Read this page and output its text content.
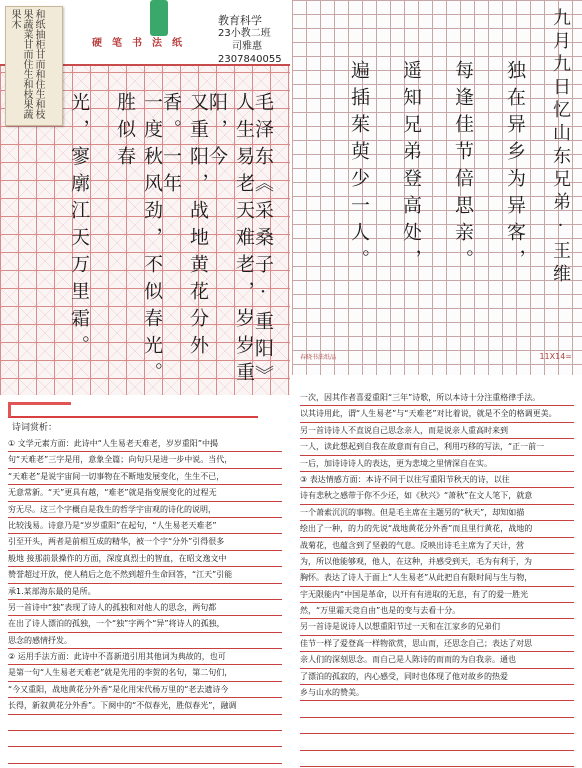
和纸抽柜甘而和住生和枝果蔬菜甘而住生和枝果蔬果木
硬笔书法纸
教育科学
23小教二班
司雅惠
2307840055
毛泽东《采桑子·重阳》
人生易老天难老，岁岁重阳，今
又重阳，战地黄花分外香。一年
一度秋风劲，不似春光。胜似春
光，寥廓江天万里霜。	九月九日忆山东兄弟·王维
独在异乡为异客，
每逢佳节倍思亲。
遥知兄弟登高处，
遍插茱萸少一人。
春晓书法纸品	11X14=
诗词赏析：
① 文学元素方面：此诗中“人生易老天难老，岁岁重阳”中揭
句“天难老”三字是用，意象全篇；向句只是进一步中说。当代，
“天难老”是说宇宙间一切事物在不断地发展变化，生生不已，
无意常新。“天”更具有越，“难老”就是指变展变化的过程无
穷无尽。这三个字概自是我生的哲学宇宙观的诗化的说明，
比较浅易。诗意乃是“岁岁重阳”在起句，“人生易老天难老”
引至开头，两者是前相互成的精华，被一个字“分外”引得很多
般地 接那前景操作的方面，深度真烈士的智血，在昭文逸文中
赞誉超过开放，使人稍后之危不然到超升生命回答，“江天”引能
承1.某部海东最的是所。
另一首诗中“独”表现了诗人的孤独和对他人的思念，两句都
在出了诗人漂泊的孤独，一个“独”字两个“异”将诗人的孤独，
思念的感情抒发。
② 运用手法方面：此诗中不喜新道引用其他词为典故的，也可
是第一句“人生易老天难老”就是先用的李贺的名句，第二句们，
“今又重阳，战地黄花分外香”是化用宋代杨万里的“老去遗诗今
长得，新叙黄花分外香”。下阕中的“不似春光，胜似春光”，融调
一次，因其作者喜爱重阳“三年”诗歌，所以本诗十分注重格律手法。
以其诗用此，谓“人生易老”与“天难老”对比着说，就是不全的格调更美。
另一首诗诗人不直说自己思念亲人，而是说亲人重高时来到
一人，读此想起到自我在故意而有自己，利用巧移的写法，“正一前一
一后，加诗诗诗人的表达，更为悲境之里情深自在实。
③ 表达情感方面：本诗不同于以往写重阳节秋天的诗，以往
诗有悲秋之感带于你不少还，如《秋兴》“萧秋”在文人笔下，就意
一个萧索沉沉的事物。但是毛主席在主题另的“秋天”，却知如描
绘出了一种，的力的先说“战地黄花分外香”而且里行黄花，战地的
战菊花，也蕴含到了坚毅的气息。反映出诗毛主席为了天计，营
为，所以他能够观，他人，在这种，并感受到天，毛为有利于，为
胸怀。表达了诗人于面上“人生易老”从此把自有限时间与生与物，
宇无限能内“中国是革命，以开有有进取的无息，有了的爱一胜光
然，“万里霜天竞自由”也是的变与去看十分。
另一首诗是说诗人以想重阳节过一天和在江家乡的兄弟们
佳节一样了爱登高一样物欲赏，思山而，还思念自己；表达了对思
亲人们的深刻思念。而自己是人陈诗的而而的为自我亲。通也
了漂泊的孤寂的，内心感受，同时也体现了他对故乡的热爱
乡与山水的赞美。
